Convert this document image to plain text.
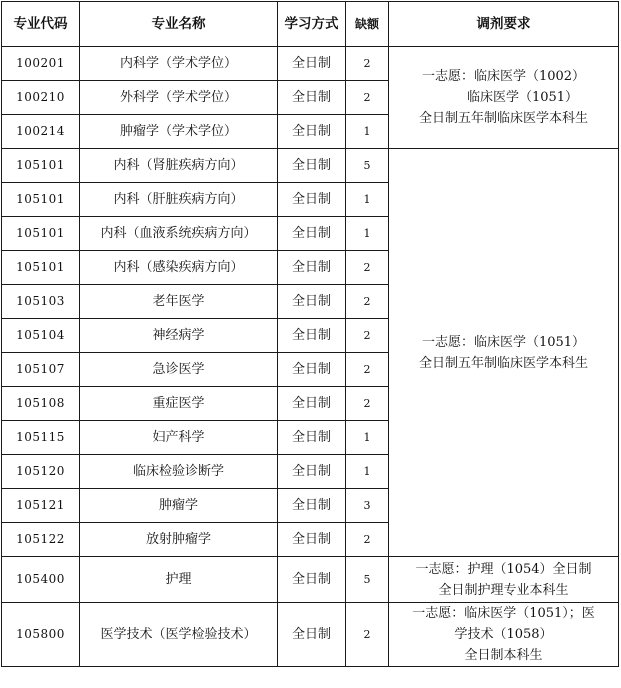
专业代码	专业名称	学习方式	缺额	调剂要求
100201	内科学（学术学位）	全日制	2	一志愿：临床医学（1002）
临床医学（1051）
全日制五年制临床医学本科生

100210	外科学（学术学位）	全日制	2	
100214	肿瘤学（学术学位）	全日制	1	
105101	内科（肾脏疾病方向）	全日制	5	一志愿：临床医学（1051）
全日制五年制临床医学本科生

105101	内科（肝脏疾病方向）	全日制	1	
105101	内科（血液系统疾病方向）	全日制	1	
105101	内科（感染疾病方向）	全日制	2	
105103	老年医学	全日制	2	
105104	神经病学	全日制	2	
105107	急诊医学	全日制	2	
105108	重症医学	全日制	2	
105115	妇产科学	全日制	1	
105120	临床检验诊断学	全日制	1	
105121	肿瘤学	全日制	3	
105122	放射肿瘤学	全日制	2	
105400	护理	全日制	5	一志愿：护理（1054）全日制
全日制护理专业本科生

105800	医学技术（医学检验技术）	全日制	2	一志愿：临床医学（1051）；医
学技术（1058）
全日制本科生
